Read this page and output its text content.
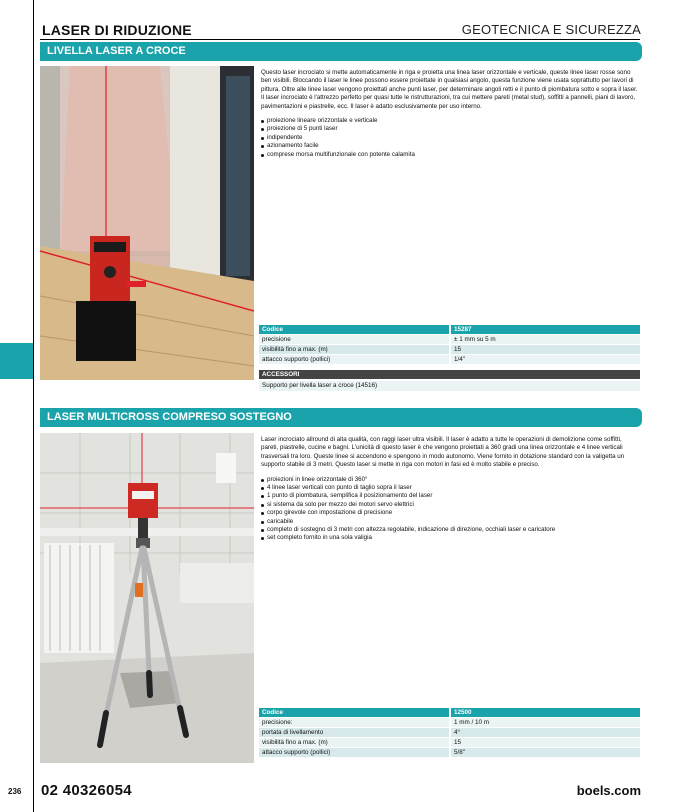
LASER DI RIDUZIONE	GEOTECNICA E SICUREZZA
LIVELLA LASER A CROCE

Questo laser incrociato si mette automaticamente in riga e proietta una linea laser orizzontale e verticale, queste linee laser rosse sono ben visibili. Bloccando il laser le linee possono essere proiettate in qualsiasi angolo, questa funzione viene usata soprattutto per lavori di pittura. Oltre alle linee laser vengono proiettati anche punti laser, per determinare angoli retti e il punto di piombatura sotto e sopra il laser. Il laser incrociato è l'attrezzo perfetto per quasi tutte le ristrutturazioni, tra cui mettere pareti (metal stud), soffitti a pannelli, piani di lavoro, pavimentazioni e piastrelle, ecc. Il laser è adatto esclusivamente per uso interno.

proiezione lineare orizzontale e verticale
proiezione di 5 punti laser
indipendente
azionamento facile
comprese morsa multifunzionale con potente calamita
Codice	15287
precisione	± 1 mm su 5 m
visibilità fino a max. (m)	15
attacco supporto (pollici)	1/4"
ACCESSORI
Supporto per livella laser a croce (14516)
LASER MULTICROSS COMPRESO SOSTEGNO

Laser incrociato allround di alta qualità, con raggi laser ultra visibili. Il laser è adatto a tutte le operazioni di demolizione come soffitti, pareti, piastrelle, cucine e bagni. L'unicità di questo laser è che vengono proiettati a 360 gradi una linea orizzontale e 4 linee verticali trasversali tra loro. Queste linee si accendono e spengono in modo autonomo. Viene fornito in dotazione standard con la valigetta un supporto stabile di 3 metri. Questo laser si mette in riga con motori in fasi ed è molto stabile e preciso.

proiezioni in linee orizzontale di 360°
4 linee laser verticali con punto di taglio sopra il laser
1 punto di piombatura, semplifica il posizionamento del laser
si sistema da solo per mezzo dei motori servo elettrici
corpo girevole con impostazione di precisione
caricabile
completo di sostegno di 3 metri con altezza regolabile, indicazione di direzione, occhiali laser e caricatore
set completo fornito in una sola valigia
Codice	12500
precisione:	1 mm / 10 m
portata di livellamento	4°
visibilità fino a max. (m)	15
attacco supporto (pollici)	5/8"
236 02 40326054	boels.com
